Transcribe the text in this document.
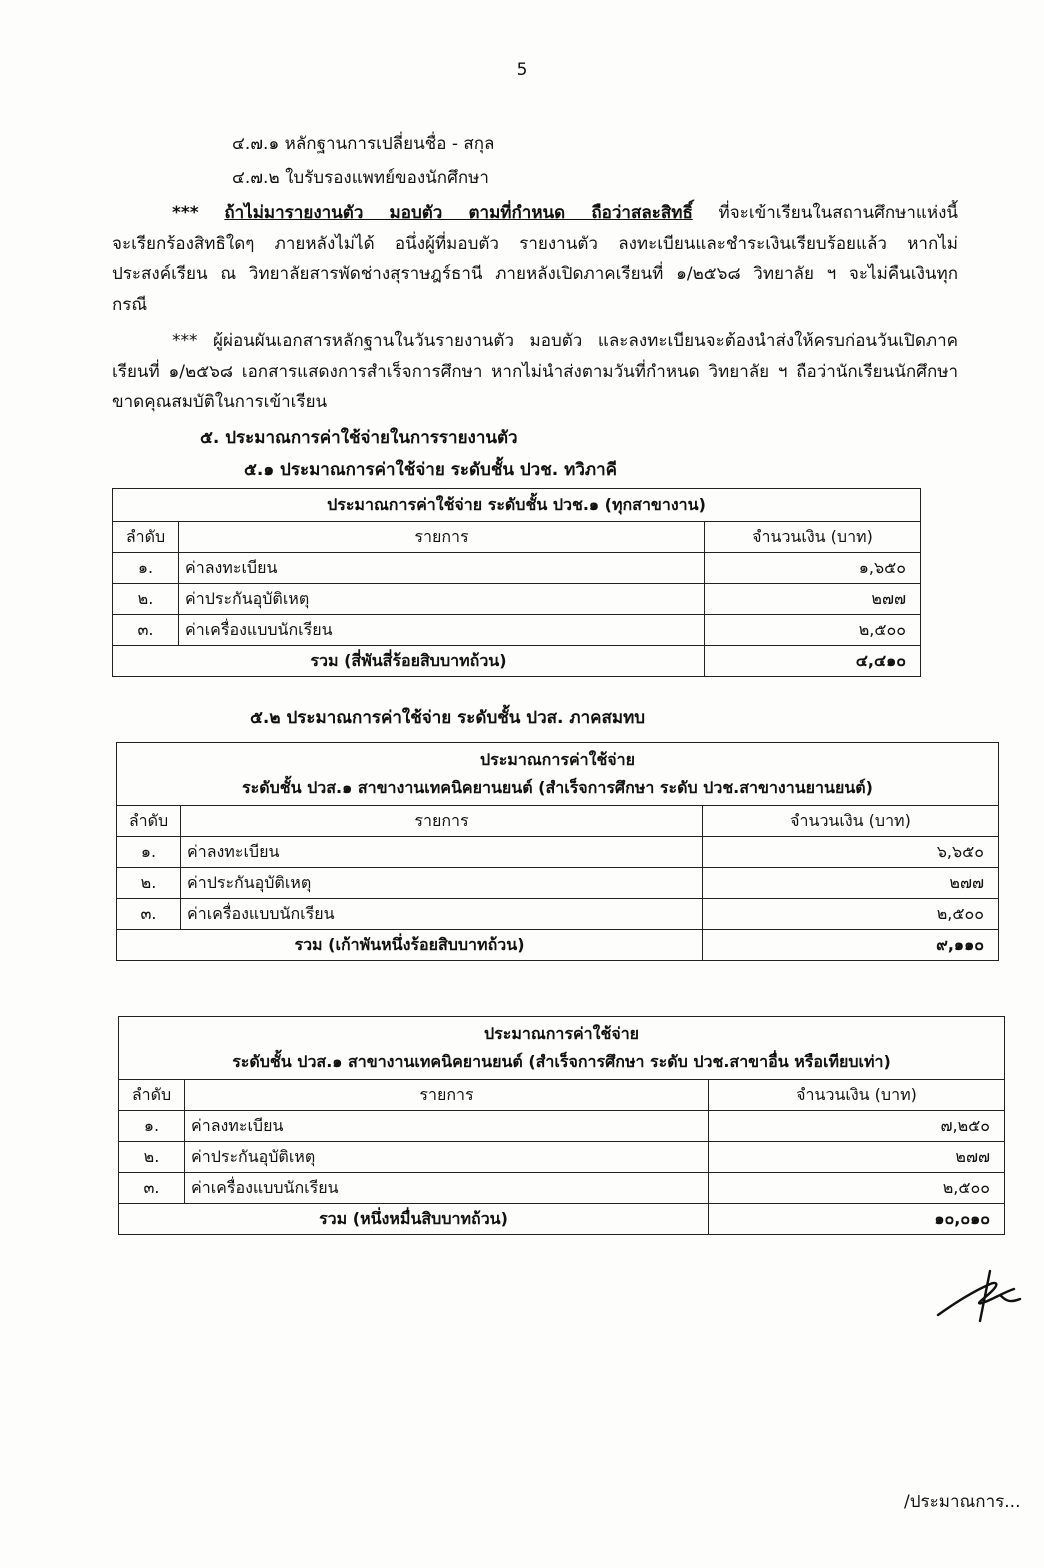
5
๔.๗.๑ หลักฐานการเปลี่ยนชื่อ - สกุล
๔.๗.๒ ใบรับรองแพทย์ของนักศึกษา
*** ถ้าไม่มารายงานตัว มอบตัว ตามที่กำหนด ถือว่าสละสิทธิ์ ที่จะเข้าเรียนในสถานศึกษาแห่งนี้
จะเรียกร้องสิทธิใดๆ ภายหลังไม่ได้ อนึ่งผู้ที่มอบตัว รายงานตัว ลงทะเบียนและชำระเงินเรียบร้อยแล้ว หากไม่
ประสงค์เรียน ณ วิทยาลัยสารพัดช่างสุราษฎร์ธานี ภายหลังเปิดภาคเรียนที่ ๑/๒๕๖๘ วิทยาลัย ฯ จะไม่คืนเงินทุก
กรณี
*** ผู้ผ่อนผันเอกสารหลักฐานในวันรายงานตัว มอบตัว และลงทะเบียนจะต้องนำส่งให้ครบก่อนวันเปิดภาค
เรียนที่ ๑/๒๕๖๘ เอกสารแสดงการสำเร็จการศึกษา หากไม่นำส่งตามวันที่กำหนด วิทยาลัย ฯ ถือว่านักเรียนนักศึกษา
ขาดคุณสมบัติในการเข้าเรียน
๕. ประมาณการค่าใช้จ่ายในการรายงานตัว
๕.๑ ประมาณการค่าใช้จ่าย ระดับชั้น ปวช. ทวิภาคี
ประมาณการค่าใช้จ่าย ระดับชั้น ปวช.๑ (ทุกสาขางาน)		
ลำดับ	รายการ	จำนวนเงิน (บาท)
๑.	ค่าลงทะเบียน	๑,๖๕๐
๒.	ค่าประกันอุบัติเหตุ	๒๗๗
๓.	ค่าเครื่องแบบนักเรียน	๒,๕๐๐
รวม (สี่พันสี่ร้อยสิบบาทถ้วน)		๔,๔๑๐
๕.๒ ประมาณการค่าใช้จ่าย ระดับชั้น ปวส. ภาคสมทบ
ประมาณการค่าใช้จ่าย
ระดับชั้น ปวส.๑ สาขางานเทคนิคยานยนต์ (สำเร็จการศึกษา ระดับ ปวช.สาขางานยานยนต์)		

ลำดับ	รายการ	จำนวนเงิน (บาท)
๑.	ค่าลงทะเบียน	๖,๖๕๐
๒.	ค่าประกันอุบัติเหตุ	๒๗๗
๓.	ค่าเครื่องแบบนักเรียน	๒,๕๐๐
รวม (เก้าพันหนึ่งร้อยสิบบาทถ้วน)		๙,๑๑๐
ประมาณการค่าใช้จ่าย
ระดับชั้น ปวส.๑ สาขางานเทคนิคยานยนต์ (สำเร็จการศึกษา ระดับ ปวช.สาขาอื่น หรือเทียบเท่า)		

ลำดับ	รายการ	จำนวนเงิน (บาท)
๑.	ค่าลงทะเบียน	๗,๒๕๐
๒.	ค่าประกันอุบัติเหตุ	๒๗๗
๓.	ค่าเครื่องแบบนักเรียน	๒,๕๐๐
รวม (หนึ่งหมื่นสิบบาทถ้วน)		๑๐,๐๑๐
/ประมาณการ...
